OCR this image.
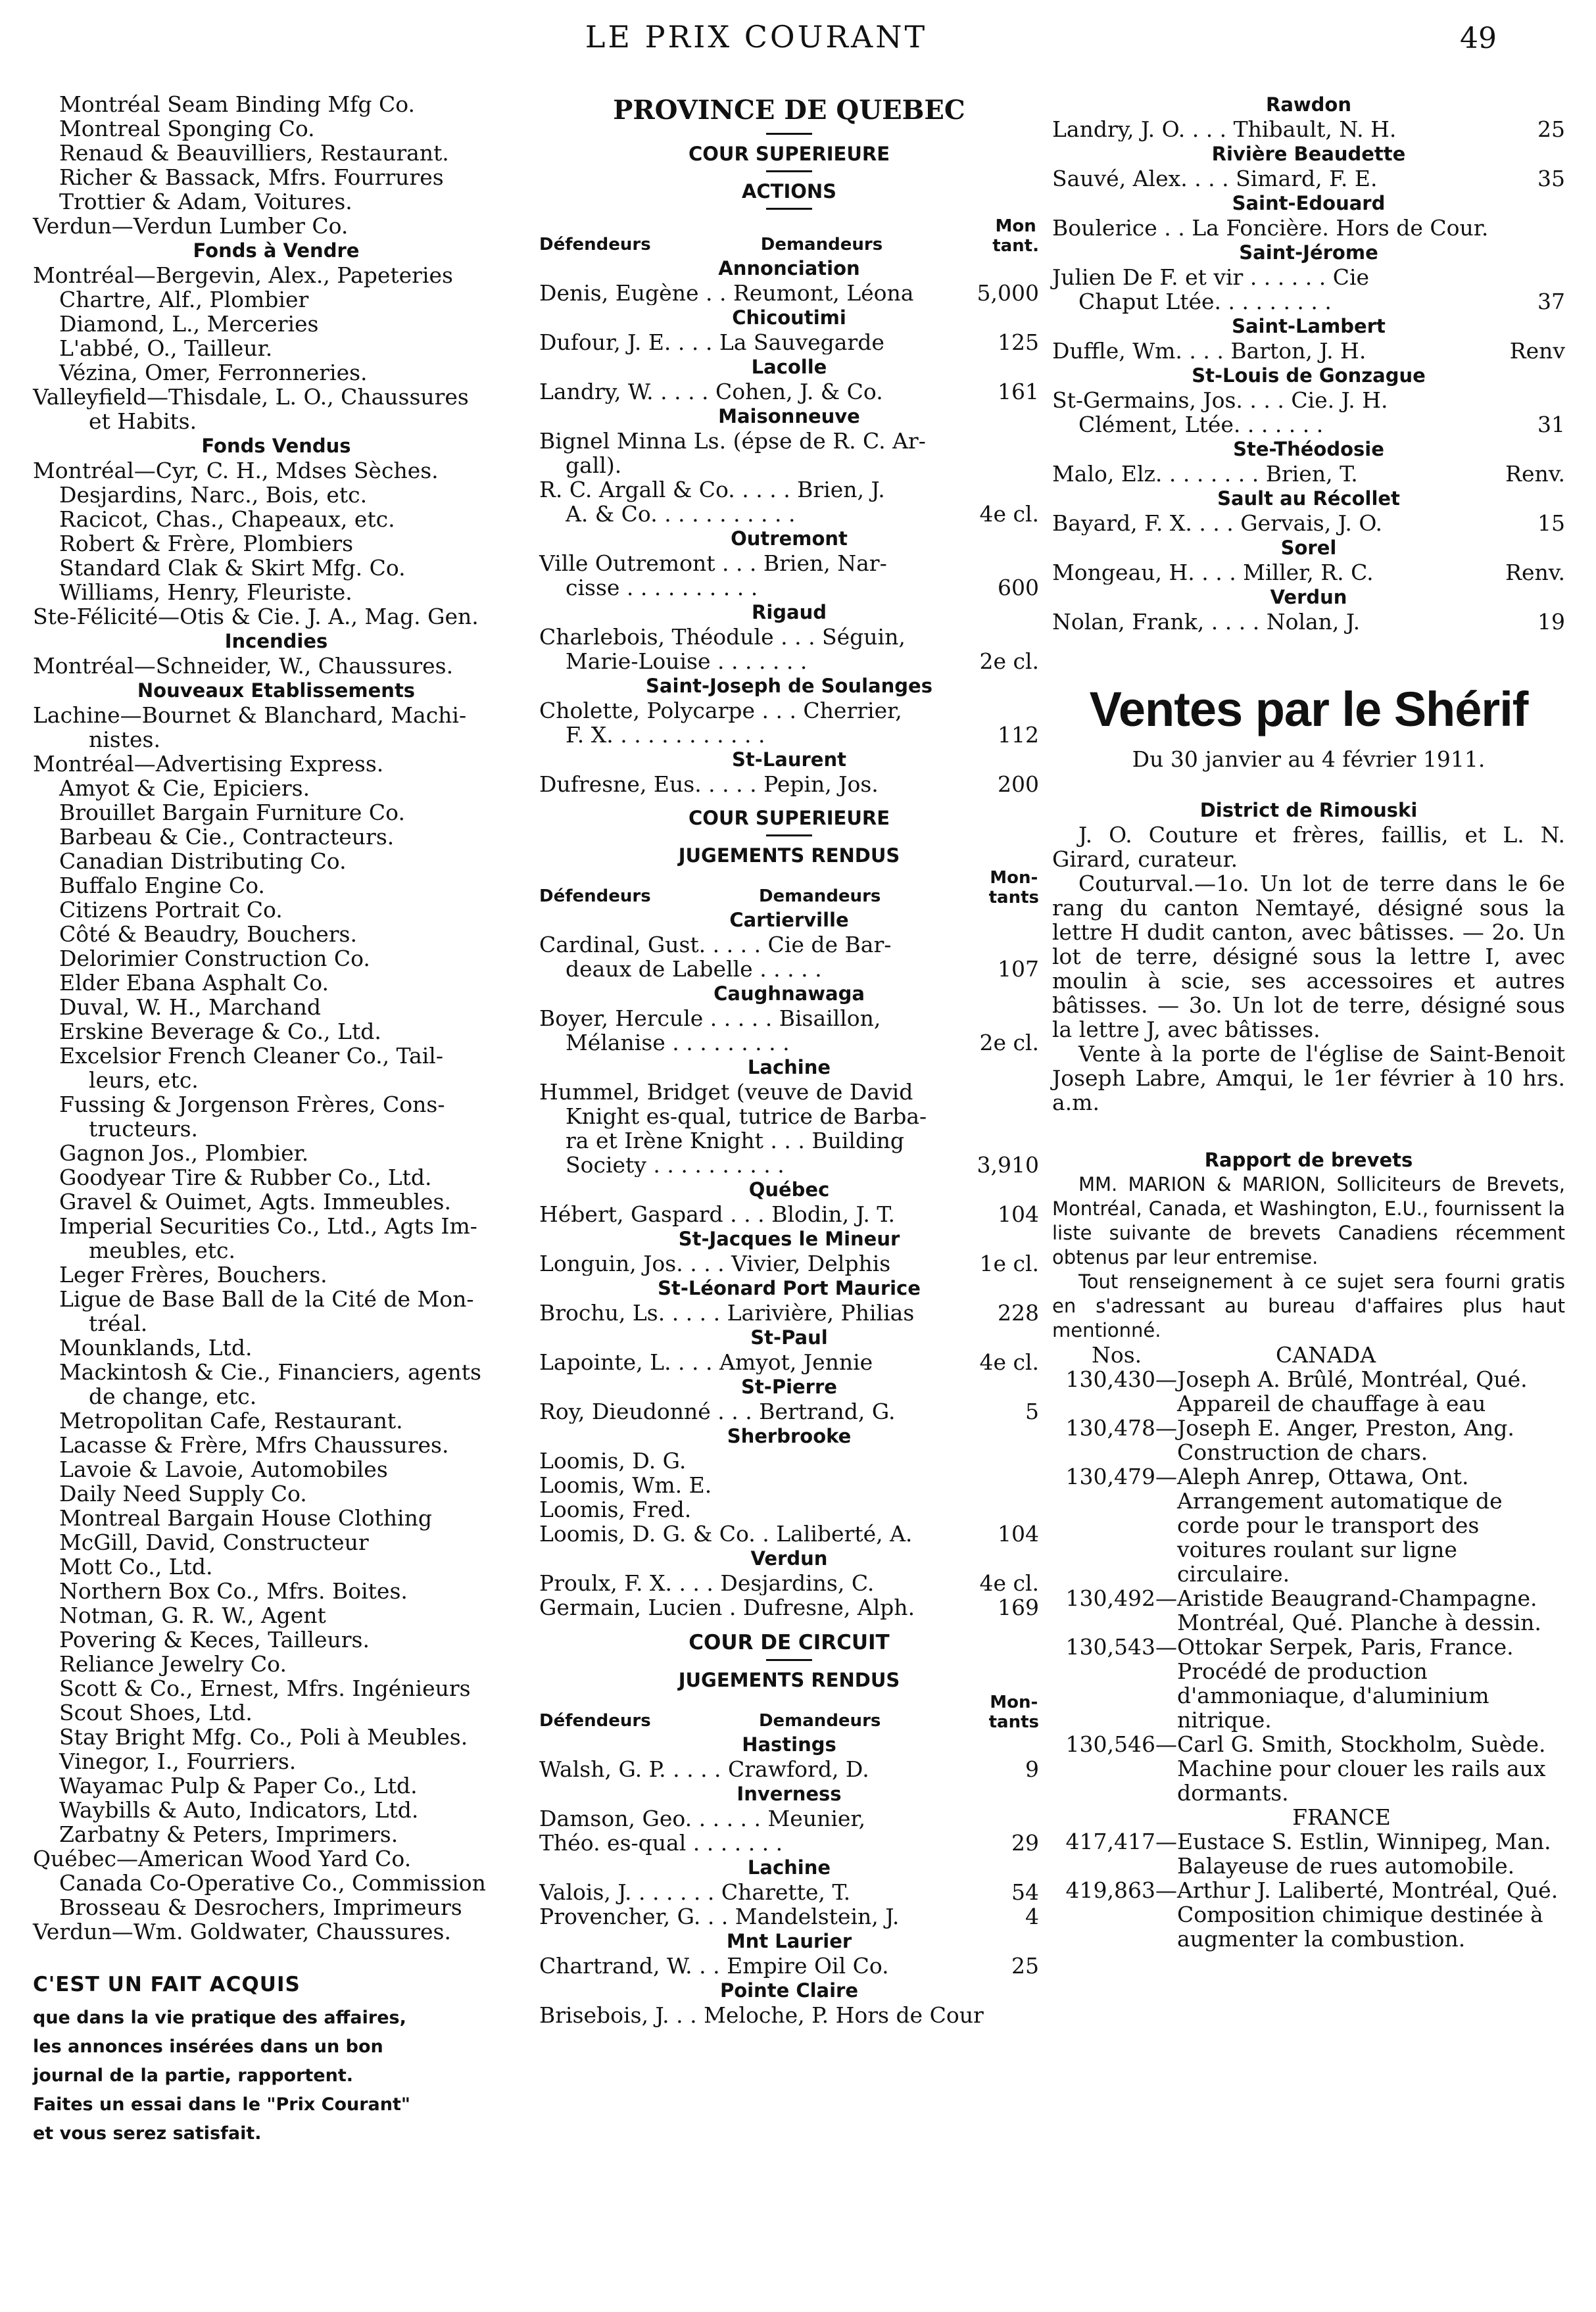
LE PRIX COURANT	49
Montréal Seam Binding Mfg Co.
Montreal Sponging Co.
Renaud & Beauvilliers, Restaurant.
Richer & Bassack, Mfrs. Fourrures
Trottier & Adam, Voitures.
Verdun—Verdun Lumber Co.
Fonds à Vendre
Montréal—Bergevin, Alex., Papeteries
Chartre, Alf., Plombier
Diamond, L., Merceries
L'abbé, O., Tailleur.
Vézina, Omer, Ferronneries.
Valleyfield—Thisdale, L. O., Chaussures
et Habits.
Fonds Vendus
Montréal—Cyr, C. H., Mdses Sèches.
Desjardins, Narc., Bois, etc.
Racicot, Chas., Chapeaux, etc.
Robert & Frère, Plombiers
Standard Clak & Skirt Mfg. Co.
Williams, Henry, Fleuriste.
Ste-Félicité—Otis & Cie. J. A., Mag. Gen.
Incendies
Montréal—Schneider, W., Chaussures.
Nouveaux Etablissements
Lachine—Bournet & Blanchard, Machi-
nistes.
Montréal—Advertising Express.
Amyot & Cie, Epiciers.
Brouillet Bargain Furniture Co.
Barbeau & Cie., Contracteurs.
Canadian Distributing Co.
Buffalo Engine Co.
Citizens Portrait Co.
Côté & Beaudry, Bouchers.
Delorimier Construction Co.
Elder Ebana Asphalt Co.
Duval, W. H., Marchand
Erskine Beverage & Co., Ltd.
Excelsior French Cleaner Co., Tail-
leurs, etc.
Fussing & Jorgenson Frères, Cons-
tructeurs.
Gagnon Jos., Plombier.
Goodyear Tire & Rubber Co., Ltd.
Gravel & Ouimet, Agts. Immeubles.
Imperial Securities Co., Ltd., Agts Im-
meubles, etc.
Leger Frères, Bouchers.
Ligue de Base Ball de la Cité de Mon-
tréal.
Mounklands, Ltd.
Mackintosh & Cie., Financiers, agents
de change, etc.
Metropolitan Cafe, Restaurant.
Lacasse & Frère, Mfrs Chaussures.
Lavoie & Lavoie, Automobiles
Daily Need Supply Co.
Montreal Bargain House Clothing
McGill, David, Constructeur
Mott Co., Ltd.
Northern Box Co., Mfrs. Boites.
Notman, G. R. W., Agent
Povering & Keces, Tailleurs.
Reliance Jewelry Co.
Scott & Co., Ernest, Mfrs. Ingénieurs
Scout Shoes, Ltd.
Stay Bright Mfg. Co., Poli à Meubles.
Vinegor, I., Fourriers.
Wayamac Pulp & Paper Co., Ltd.
Waybills & Auto, Indicators, Ltd.
Zarbatny & Peters, Imprimers.
Québec—American Wood Yard Co.
Canada Co-Operative Co., Commission
Brosseau & Desrochers, Imprimeurs
Verdun—Wm. Goldwater, Chaussures.
C'EST UN FAIT ACQUIS
que dans la vie pratique des affaires,
les annonces insérées dans un bon
journal de la partie, rapportent.
Faites un essai dans le "Prix Courant"
et vous serez satisfait.
PROVINCE DE QUEBEC
COUR SUPERIEURE
ACTIONS
Défendeurs	Demandeurs
Mon
tant.
Annonciation
Denis, Eugène . . Reumont, Léona	5,000
Chicoutimi
Dufour, J. E. . . . La Sauvegarde	125
Lacolle
Landry, W. . . . . Cohen, J. & Co.	161
Maisonneuve
Bignel Minna Ls. (épse de R. C. Ar-
gall).
R. C. Argall & Co. . . . . Brien, J.
A. & Co. . . . . . . . . . .	4e cl.
Outremont
Ville Outremont . . . Brien, Nar-
cisse . . . . . . . . . .	600
Rigaud
Charlebois, Théodule . . . Séguin,
Marie-Louise . . . . . . .	2e cl.
Saint-Joseph de Soulanges
Cholette, Polycarpe . . . Cherrier,
F. X. . . . . . . . . . . .	112
St-Laurent
Dufresne, Eus. . . . . Pepin, Jos.	200
COUR SUPERIEURE
JUGEMENTS RENDUS
Défendeurs	Demandeurs
Mon-
tants
Cartierville
Cardinal, Gust. . . . . Cie de Bar-
deaux de Labelle . . . . .	107
Caughnawaga
Boyer, Hercule . . . . . Bisaillon,
Mélanise . . . . . . . . .	2e cl.
Lachine
Hummel, Bridget (veuve de David
Knight es-qual, tutrice de Barba-
ra et Irène Knight . . . Building
Society . . . . . . . . . .	3,910
Québec
Hébert, Gaspard . . . Blodin, J. T.	104
St-Jacques le Mineur
Longuin, Jos. . . . Vivier, Delphis	1e cl.
St-Léonard Port Maurice
Brochu, Ls. . . . . Larivière, Philias	228
St-Paul
Lapointe, L. . . . Amyot, Jennie	4e cl.
St-Pierre
Roy, Dieudonné . . . Bertrand, G.	5
Sherbrooke
Loomis, D. G.
Loomis, Wm. E.
Loomis, Fred.
Loomis, D. G. & Co. . Laliberté, A.	104
Verdun
Proulx, F. X. . . . Desjardins, C.	4e cl.
Germain, Lucien . Dufresne, Alph.	169
COUR DE CIRCUIT
JUGEMENTS RENDUS
Défendeurs	Demandeurs
Mon-
tants
Hastings
Walsh, G. P. . . . . Crawford, D.	9
Inverness
Damson, Geo. . . . . . Meunier,
Théo. es-qual . . . . . . .	29
Lachine
Valois, J. . . . . . . Charette, T.	54
Provencher, G. . . Mandelstein, J.	4
Mnt Laurier
Chartrand, W. . . Empire Oil Co.	25
Pointe Claire
Brisebois, J. . . Meloche, P. Hors de Cour
Rawdon
Landry, J. O. . . . Thibault, N. H.	25
Rivière Beaudette
Sauvé, Alex. . . . Simard, F. E.	35
Saint-Edouard
Boulerice . . La Foncière. Hors de Cour.
Saint-Jérome
Julien De F. et vir . . . . . . Cie
Chaput Ltée. . . . . . . . .	37
Saint-Lambert
Duffle, Wm. . . . Barton, J. H.	Renv
St-Louis de Gonzague
St-Germains, Jos. . . . Cie. J. H.
Clément, Ltée. . . . . . .	31
Ste-Théodosie
Malo, Elz. . . . . . . . Brien, T.	Renv.
Sault au Récollet
Bayard, F. X. . . . Gervais, J. O.	15
Sorel
Mongeau, H. . . . Miller, R. C.	Renv.
Verdun
Nolan, Frank, . . . . Nolan, J.	19
Ventes par le Shérif
Du 30 janvier au 4 février 1911.
District de Rimouski
J. O. Couture et frères, faillis, et L. N. Girard, curateur.
Couturval.—1o. Un lot de terre dans le 6e rang du canton Nemtayé, désigné sous la lettre H dudit canton, avec bâtisses. — 2o. Un lot de terre, désigné sous la lettre I, avec moulin à scie, ses accessoires et autres bâtisses. — 3o. Un lot de terre, désigné sous la lettre J, avec bâtisses.
Vente à la porte de l'église de Saint-Benoit Joseph Labre, Amqui, le 1er février à 10 hrs. a.m.
Rapport de brevets
MM. MARION & MARION, Solliciteurs de Brevets, Montréal, Canada, et Washington, E.U., fournissent la liste suivante de brevets Canadiens récemment obtenus par leur entremise.
Tout renseignement à ce sujet sera fourni gratis en s'adressant au bureau d'affaires plus haut mentionné.
Nos.	CANADA
130,430— Joseph A. Brûlé, Montréal, Qué. Appareil de chauffage à eau
130,478— Joseph E. Anger, Preston, Ang. Construction de chars.
130,479— Aleph Anrep, Ottawa, Ont. Arrangement automatique de corde pour le transport des voitures roulant sur ligne circulaire.
130,492— Aristide Beaugrand-Champagne. Montréal, Qué. Planche à dessin.
130,543— Ottokar Serpek, Paris, France. Procédé de production d'ammoniaque, d'aluminium nitrique.
130,546— Carl G. Smith, Stockholm, Suède. Machine pour clouer les rails aux dormants.
FRANCE
417,417— Eustace S. Estlin, Winnipeg, Man. Balayeuse de rues automobile.
419,863— Arthur J. Laliberté, Montréal, Qué. Composition chimique destinée à augmenter la combustion.
